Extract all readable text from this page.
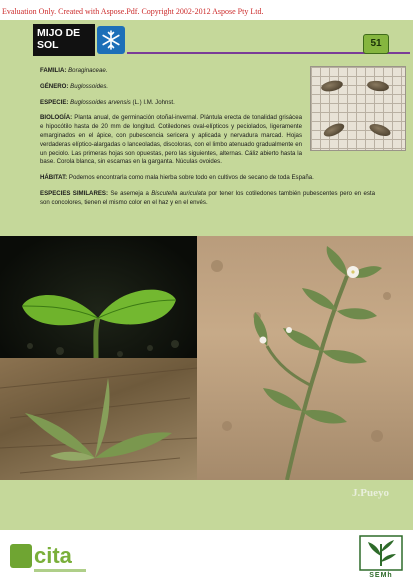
Evaluation Only. Created with Aspose.Pdf. Copyright 2002-2012 Aspose Pty Ltd.
MIJO DE
SOL	51

FAMILIA: Boraginaceae.

GÉNERO: Buglossoides.

ESPECIE: Buglossoides arvensis (L.) I.M. Johnst.

BIOLOGÍA: Planta anual, de germinación otoñal-invernal. Plántula erecta de tonalidad grisácea e hipocótilo hasta de 20 mm de longitud. Cotiledones oval-elípticos y peciolados, ligeramente emarginados en el ápice, con pubescencia sericera y aplicada y nervadura marcad. Hojas verdaderas elíptico-alargadas o lanceoladas, discoloras, con el limbo atenuado gradualmente en un peciolo. Las primeras hojas son opuestas, pero las siguientes, alternas. Cáliz abierto hasta la base. Corola blanca, sin escamas en la garganta. Núculas ovoides.

HÁBITAT: Podemos encontrarla como mala hierba sobre todo en cultivos de secano de toda España.

ESPECIES SIMILARES: Se asemeja a Biscutella auriculata por tener los cotiledones también pubescentes pero en esta son concolores, tienen el mismo color en el haz y en el envés.

J.Pueyo
cita
SEMh
